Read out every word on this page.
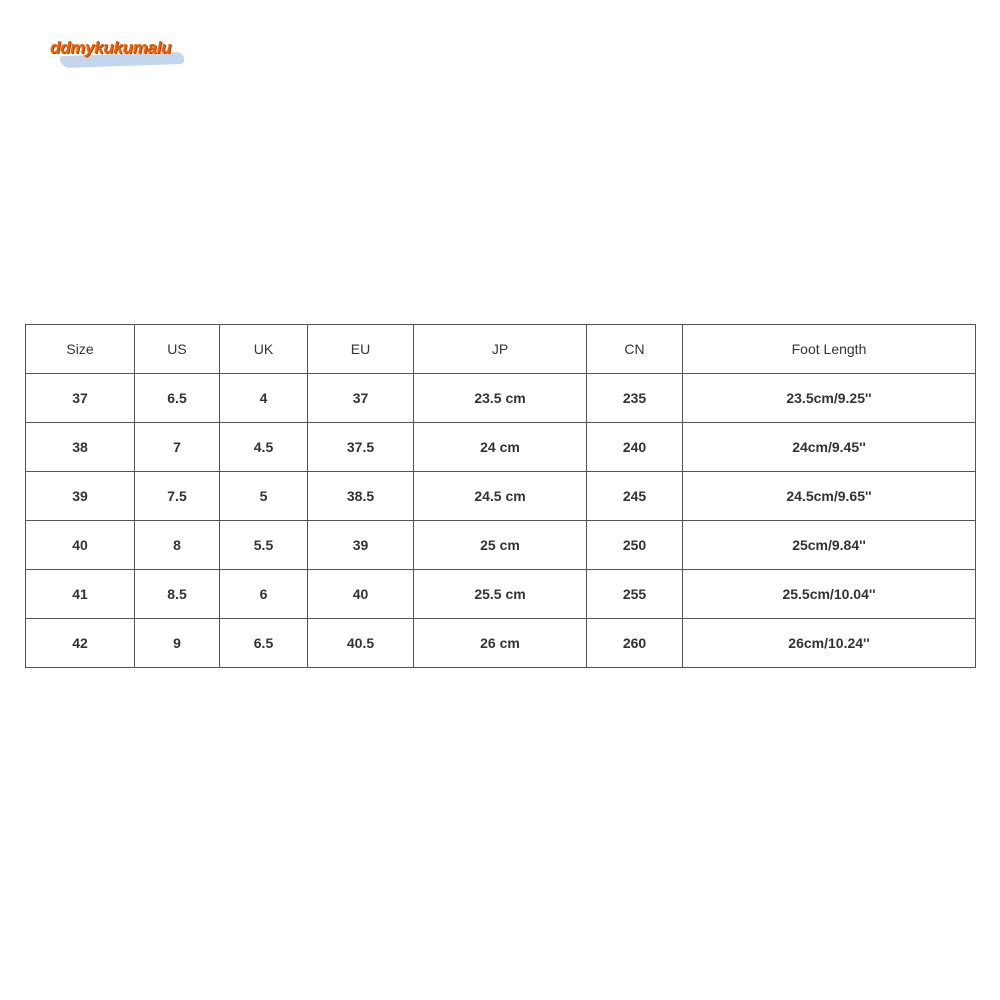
ddmykukumalu
Size	US	UK	EU	JP	CN	Foot Length
37	6.5	4	37	23.5 cm	235	23.5cm/9.25''
38	7	4.5	37.5	24 cm	240	24cm/9.45''
39	7.5	5	38.5	24.5 cm	245	24.5cm/9.65''
40	8	5.5	39	25 cm	250	25cm/9.84''
41	8.5	6	40	25.5 cm	255	25.5cm/10.04''
42	9	6.5	40.5	26 cm	260	26cm/10.24''
